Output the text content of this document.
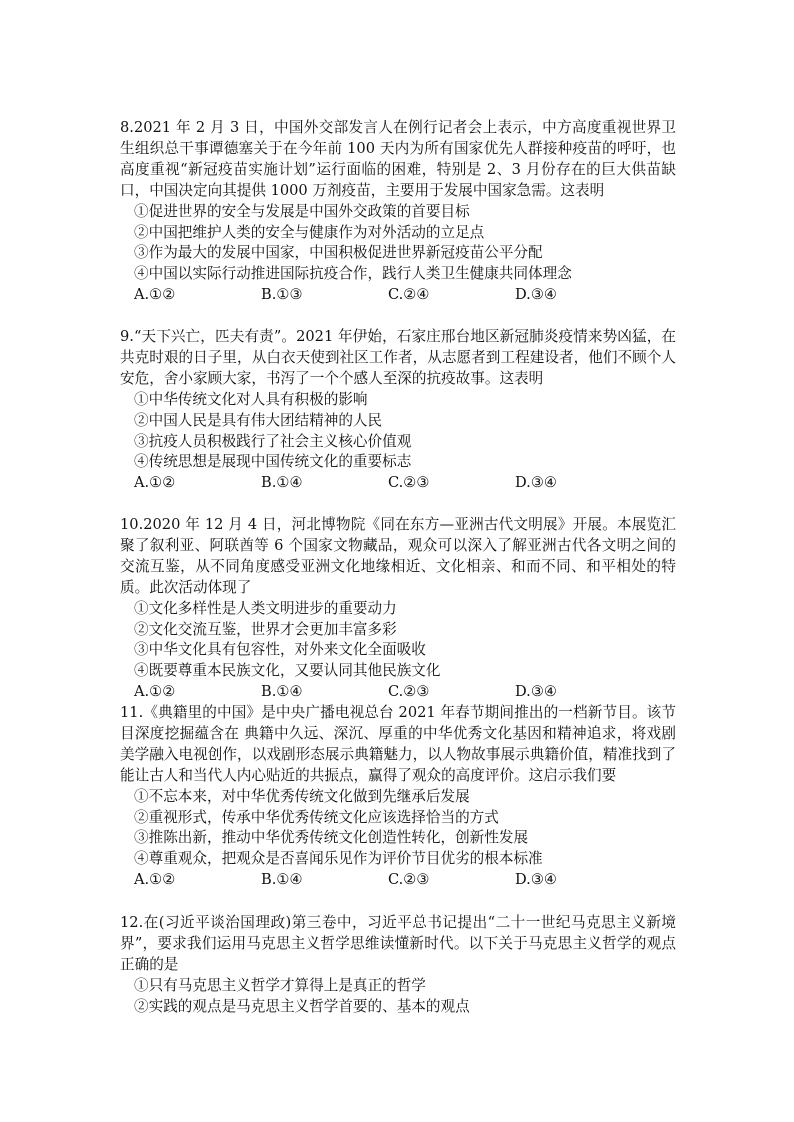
8.2021 年 2 月 3 日，中国外交部发言人在例行记者会上表示，中方高度重视世界卫生组织总干事谭德塞关于在今年前 100 天内为所有国家优先人群接种疫苗的呼吁，也高度重视“新冠疫苗实施计划”运行面临的困难，特别是 2、3 月份存在的巨大供苗缺口，中国决定向其提供 1000 万剂疫苗，主要用于发展中国家急需。这表明
①促进世界的安全与发展是中国外交政策的首要目标
②中国把维护人类的安全与健康作为对外活动的立足点
③作为最大的发展中国家，中国积极促进世界新冠疫苗公平分配
④中国以实际行动推进国际抗疫合作，践行人类卫生健康共同体理念
A.①②	B.①③	C.②④	D.③④
9.“天下兴亡，匹夫有责”。2021 年伊始，石家庄邢台地区新冠肺炎疫情来势凶猛，在共克时艰的日子里，从白衣天使到社区工作者，从志愿者到工程建设者，他们不顾个人安危，舍小家顾大家，书泻了一个个感人至深的抗疫故事。这表明
①中华传统文化对人具有积极的影响
②中国人民是具有伟大团结精神的人民
③抗疫人员积极践行了社会主义核心价值观
④传统思想是展现中国传统文化的重要标志
A.①②	B.①④	C.②③	D.③④
10.2020 年 12 月 4 日，河北博物院《同在东方—亚洲古代文明展》开展。本展览汇聚了叙利亚、阿联酋等 6 个国家文物藏品，观众可以深入了解亚洲古代各文明之间的交流互鉴，从不同角度感受亚洲文化地缘相近、文化相亲、和而不同、和平相处的特质。此次活动体现了
①文化多样性是人类文明进步的重要动力
②文化交流互鉴，世界才会更加丰富多彩
③中华文化具有包容性，对外来文化全面吸收
④既要尊重本民族文化，又要认同其他民族文化
A.①②	B.①④	C.②③	D.③④
11.《典籍里的中国》是中央广播电视总台 2021 年春节期间推出的一档新节目。该节目深度挖掘蕴含在 典籍中久远、深沉、厚重的中华优秀文化基因和精神追求，将戏剧美学融入电视创作，以戏剧形态展示典籍魅力，以人物故事展示典籍价值，精准找到了能让古人和当代人内心贴近的共振点，赢得了观众的高度评价。这启示我们要
①不忘本来，对中华优秀传统文化做到先继承后发展
②重视形式，传承中华优秀传统文化应该选择恰当的方式
③推陈出新，推动中华优秀传统文化创造性转化，创新性发展
④尊重观众，把观众是否喜闻乐见作为评价节目优劣的根本标准
A.①②	B.①④	C.②③	D.③④
12.在(习近平谈治国理政)第三卷中，习近平总书记提出“二十一世纪马克思主义新境界”，要求我们运用马克思主义哲学思维读懂新时代。以下关于马克思主义哲学的观点正确的是
①只有马克思主义哲学才算得上是真正的哲学
②实践的观点是马克思主义哲学首要的、基本的观点
